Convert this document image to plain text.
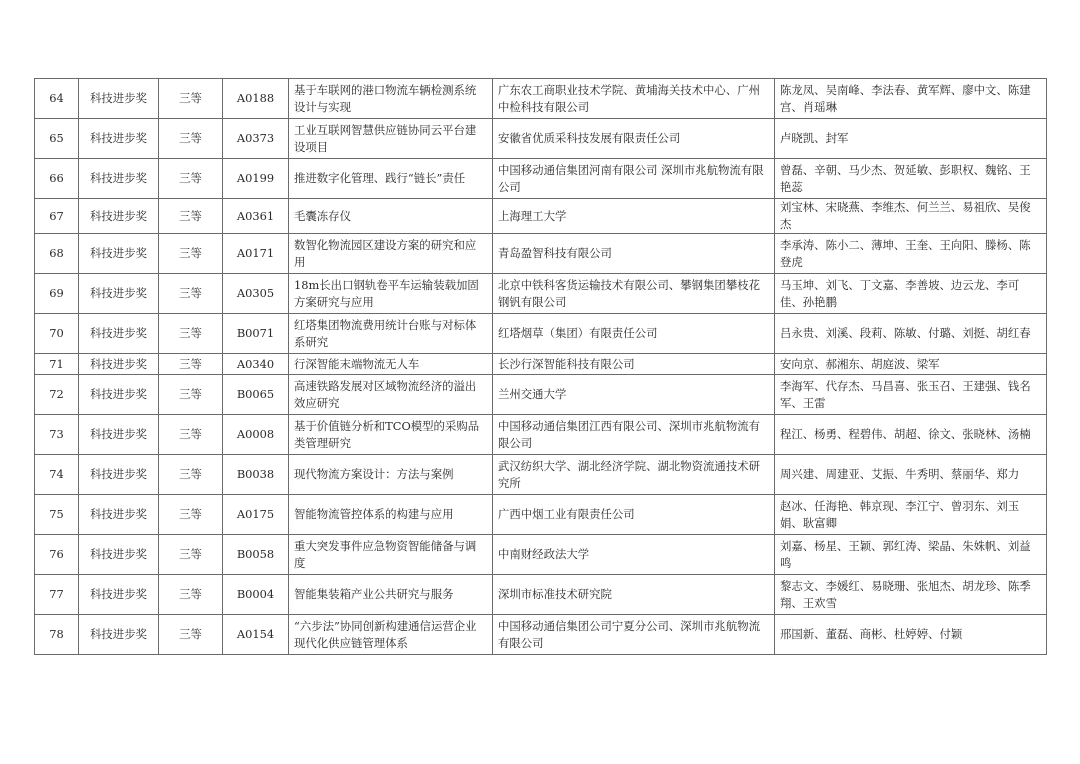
64	科技进步奖	三等	A0188	基于车联网的港口物流车辆检测系统设计与实现	广东农工商职业技术学院、黄埔海关技术中心、广州中检科技有限公司	陈龙凤、吴南峰、李法春、黄军辉、廖中文、陈建宫、肖瑶琳
65	科技进步奖	三等	A0373	工业互联网智慧供应链协同云平台建设项目	安徽省优质采科技发展有限责任公司	卢晓凯、封军
66	科技进步奖	三等	A0199	推进数字化管理、践行“链长”责任	中国移动通信集团河南有限公司 深圳市兆航物流有限公司	曾磊、辛朝、马少杰、贺延敏、彭职权、魏铭、王艳蕊
67	科技进步奖	三等	A0361	毛囊冻存仪	上海理工大学	刘宝林、宋晓燕、李维杰、何兰兰、易祖欣、吴俊杰
68	科技进步奖	三等	A0171	数智化物流园区建设方案的研究和应用	青岛盈智科技有限公司	李承涛、陈小二、薄坤、王奎、王向阳、滕杨、陈登虎
69	科技进步奖	三等	A0305	18m长出口钢轨卷平车运输装载加固方案研究与应用	北京中铁科客货运输技术有限公司、攀钢集团攀枝花钢钒有限公司	马玉坤、刘飞、丁文嘉、李善坡、边云龙、李可佳、孙艳鹏
70	科技进步奖	三等	B0071	红塔集团物流费用统计台账与对标体系研究	红塔烟草（集团）有限责任公司	吕永贵、刘溪、段莉、陈敏、付璐、刘挺、胡红春
71	科技进步奖	三等	A0340	行深智能末端物流无人车	长沙行深智能科技有限公司	安向京、郝湘东、胡庭波、梁军
72	科技进步奖	三等	B0065	高速铁路发展对区域物流经济的溢出效应研究	兰州交通大学	李海军、代存杰、马昌喜、张玉召、王建强、钱名军、王雷
73	科技进步奖	三等	A0008	基于价值链分析和TCO模型的采购品类管理研究	中国移动通信集团江西有限公司、深圳市兆航物流有限公司	程江、杨勇、程碧伟、胡超、徐文、张晓林、汤楠
74	科技进步奖	三等	B0038	现代物流方案设计：方法与案例	武汉纺织大学、湖北经济学院、湖北物资流通技术研究所	周兴建、周建亚、艾振、牛秀明、蔡丽华、郑力
75	科技进步奖	三等	A0175	智能物流管控体系的构建与应用	广西中烟工业有限责任公司	赵冰、任海艳、韩京现、李江宁、曾羽东、刘玉娟、耿富卿
76	科技进步奖	三等	B0058	重大突发事件应急物资智能储备与调度	中南财经政法大学	刘嘉、杨星、王颖、郭红涛、梁晶、朱姝帆、刘益鸣
77	科技进步奖	三等	B0004	智能集装箱产业公共研究与服务	深圳市标准技术研究院	黎志文、李媛红、易晓珊、张旭杰、胡龙珍、陈季翔、王欢雪
78	科技进步奖	三等	A0154	“六步法”协同创新构建通信运营企业现代化供应链管理体系	中国移动通信集团公司宁夏分公司、深圳市兆航物流有限公司	邢国新、董磊、商彬、杜婷婷、付颖
